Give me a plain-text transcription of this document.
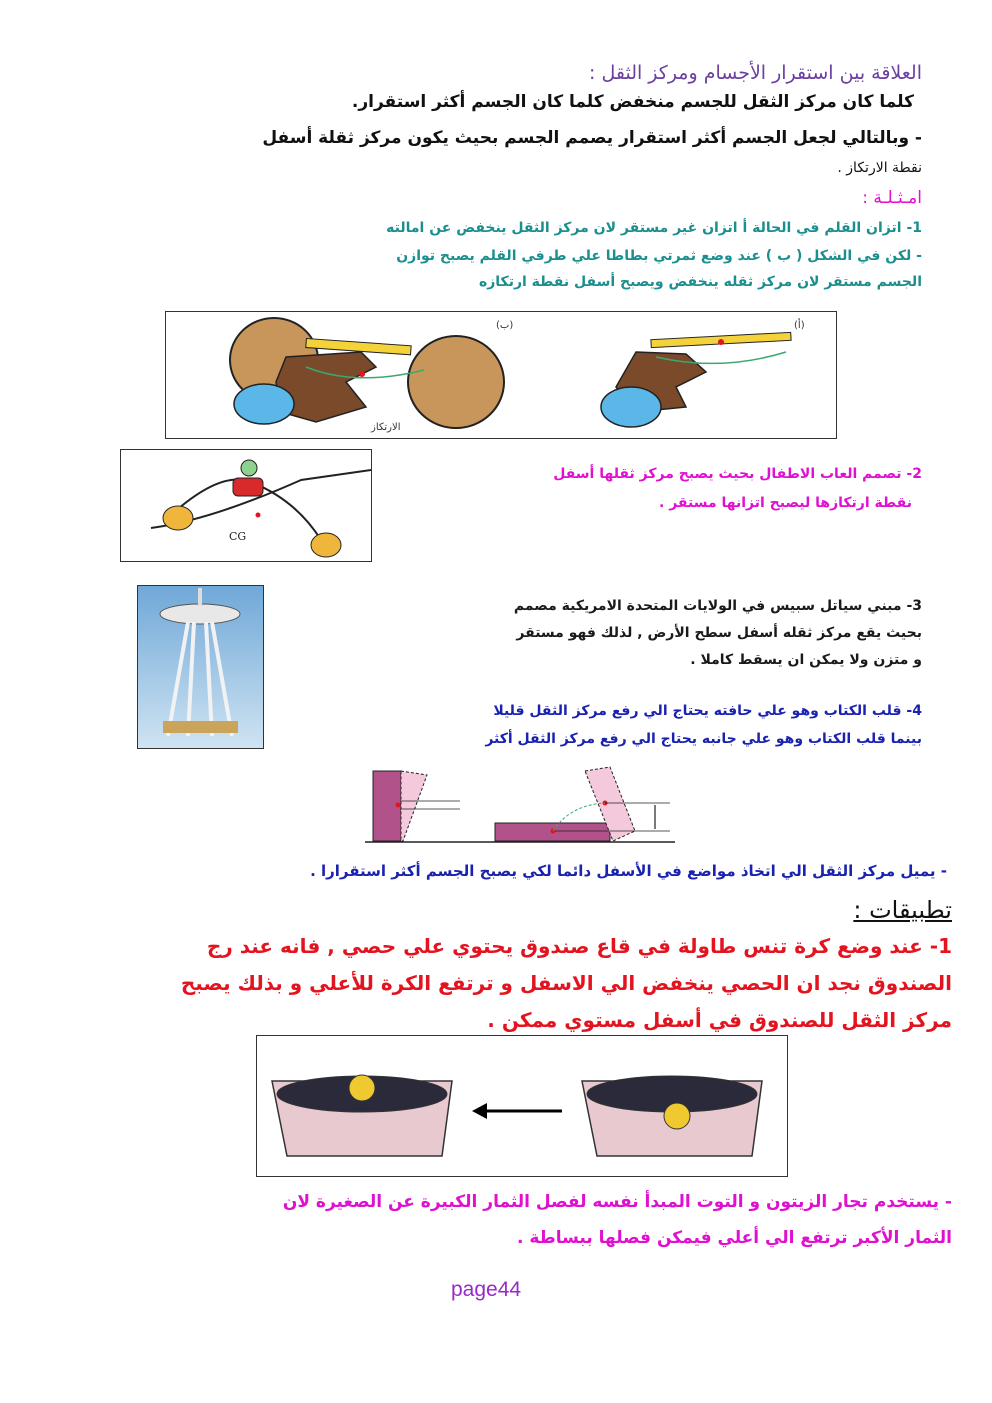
العلاقة بين استقرار الأجسام ومركز الثقل :
كلما كان مركز الثقل للجسم منخفض كلما كان الجسم أكثر استقرار.
- وبالتالي لجعل الجسم أكثر استقرار يصمم الجسم بحيث يكون مركز ثقلة أسفل
نقطة الارتكاز .
امـثـلـة :
1- اتزان القلم في الحالة أ اتزان غير مستقر لان مركز الثقل ينخفض عن امالته
- لكن في الشكل ( ب ) عند وضع ثمرتي بطاطا علي طرفي القلم يصبح توازن
الجسم مستقر لان مركز ثقله ينخفض ويصبح أسفل نقطة ارتكازه
(ب)
الارتكاز
(أ)
CG
2- تصمم العاب الاطفال بحيث يصبح مركز ثقلها أسفل
نقطة ارتكازها ليصبح اتزانها مستقر .
3- مبني سياتل سبيس في الولايات المتحدة الامريكية مصمم
بحيث يقع مركز ثقله أسفل سطح الأرض , لذلك فهو مستقر
و متزن ولا يمكن ان يسقط كاملا .
4- قلب الكتاب وهو علي حافته يحتاج الي رفع مركز الثقل قليلا
بينما قلب الكتاب وهو علي جانبه يحتاج الي رفع مركز الثقل أكثر
- يميل مركز الثقل الي اتخاذ مواضع في الأسفل دائما لكي يصبح الجسم أكثر استقرارا .
تطبيقات :
1- عند وضع كرة تنس طاولة في قاع صندوق يحتوي علي حصي , فانه عند رج
الصندوق نجد ان الحصي ينخفض الي الاسفل و ترتفع الكرة للأعلي و بذلك يصبح
مركز الثقل للصندوق في أسفل مستوي ممكن .
- يستخدم تجار الزيتون و التوت المبدأ نفسه لفصل الثمار الكبيرة عن الصغيرة لان
الثمار الأكبر ترتفع الي أعلي فيمكن فصلها ببساطة .
page44
